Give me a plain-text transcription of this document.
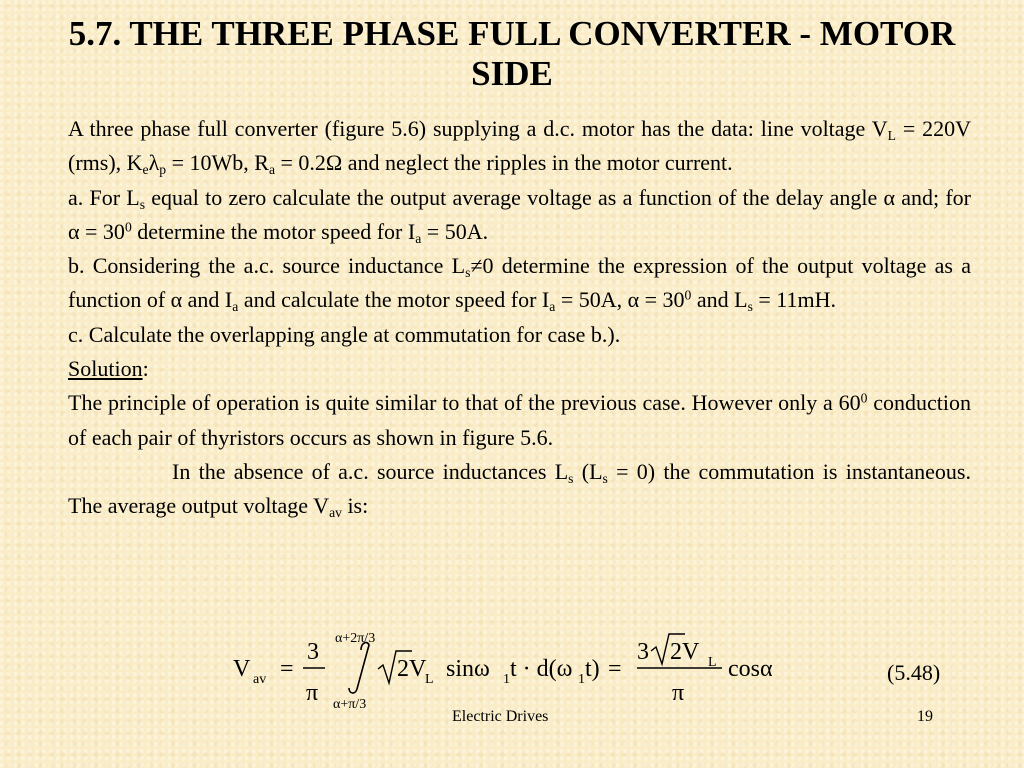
5.7. THE THREE PHASE FULL CONVERTER - MOTOR SIDE

A three phase full converter (figure 5.6) supplying a d.c. motor has the data: line voltage $V_L = 220V$ (rms), $K_e\lambda_p = 10Wb$, $R_a = 0.2\Omega$ and neglect the ripples in the motor current.

a. For $L_s$ equal to zero calculate the output average voltage as a function of the delay angle α and; for $\alpha = 30^0$ determine the motor speed for $I_a = 50A$.

b. Considering the a.c. source inductance $L_s\ne 0$ determine the expression of the output voltage as a function of α and $I_a$ and calculate the motor speed for $I_a = 50A$, $\alpha = 30^0$ and $L_s = 11mH$.

c. Calculate the overlapping angle at commutation for case b.).

Solution:

The principle of operation is quite similar to that of the previous case. However only a $60^0$ conduction of each pair of thyristors occurs as shown in figure 5.6.

In the absence of a.c. source inductances $L_s$ $(L_s = 0)$ the commutation is instantaneous. The average output voltage $V_{av}$ is:

V av =
3
π
α+2π/3
α+π/3
2V
L sinω 1 t · d(ω 1 t) =
3 2V L
π
cosα	(5.48)
Electric Drives	19
